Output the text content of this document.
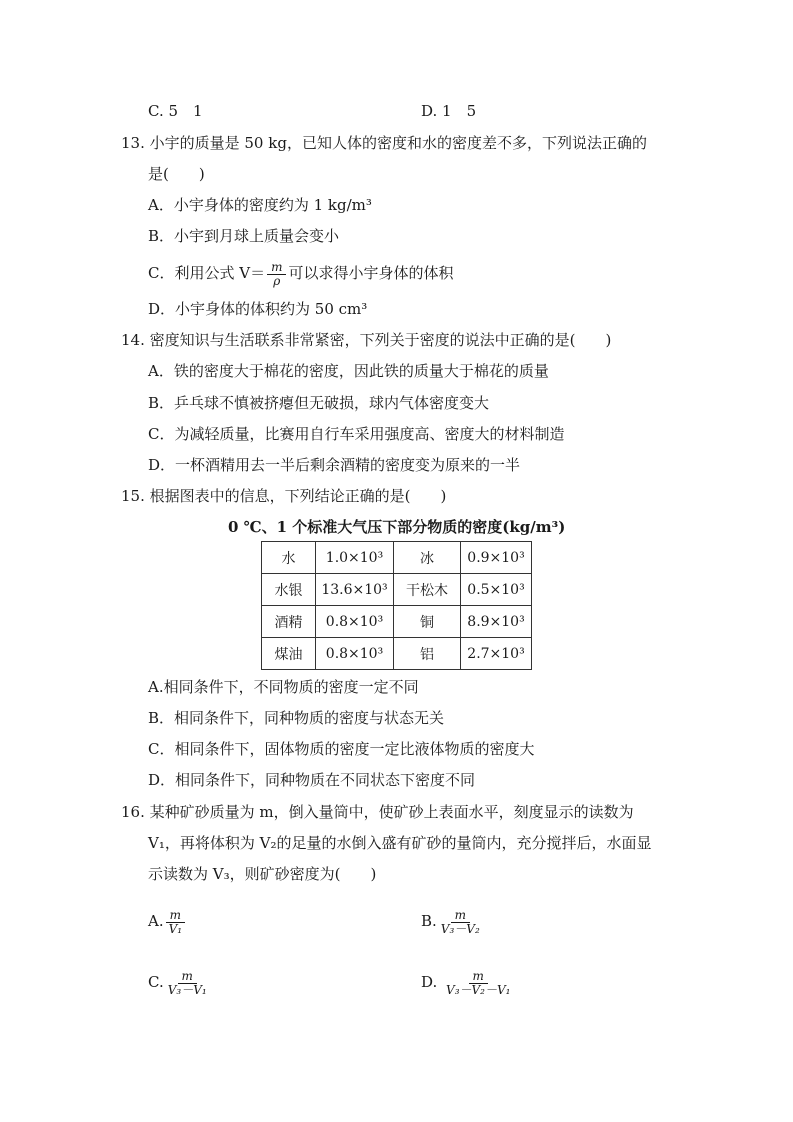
C. 5　1	D. 1　5
13. 小宇的质量是 50 kg，已知人体的密度和水的密度差不多，下列说法正确的
是(　　)
A．小宇身体的密度约为 1 kg/m³
B．小宇到月球上质量会变小
C．利用公式 $V= \frac{m}{\rho}$ 可以求得小宇身体的体积
D．小宇身体的体积约为 50 cm³
14. 密度知识与生活联系非常紧密，下列关于密度的说法中正确的是(　　)
A．铁的密度大于棉花的密度，因此铁的质量大于棉花的质量
B．乒乓球不慎被挤瘪但无破损，球内气体密度变大
C．为减轻质量，比赛用自行车采用强度高、密度大的材料制造
D．一杯酒精用去一半后剩余酒精的密度变为原来的一半
15. 根据图表中的信息，下列结论正确的是(　　)
0 ℃、1 个标准大气压下部分物质的密度(kg/m³)
水	1.0×10³	冰	0.9×10³
水银	13.6×10³	干松木	0.5×10³
酒精	0.8×10³	铜	8.9×10³
煤油	0.8×10³	铝	2.7×10³
A.相同条件下，不同物质的密度一定不同
B．相同条件下，同种物质的密度与状态无关
C．相同条件下，固体物质的密度一定比液体物质的密度大
D．相同条件下，同种物质在不同状态下密度不同
16. 某种矿砂质量为 m，倒入量筒中，使矿砂上表面水平，刻度显示的读数为
V₁，再将体积为 V₂的足量的水倒入盛有矿砂的量筒内，充分搅拌后，水面显
示读数为 V₃，则矿砂密度为(　　)
A. $\frac{m}{\text{V₁}}$	B. $\frac{m}{\text{V₃－V₂}}$
C. $\frac{m}{\text{V₃－V₁}}$	D. $\frac{m}{\text{V₃－V₂－V₁}}$
